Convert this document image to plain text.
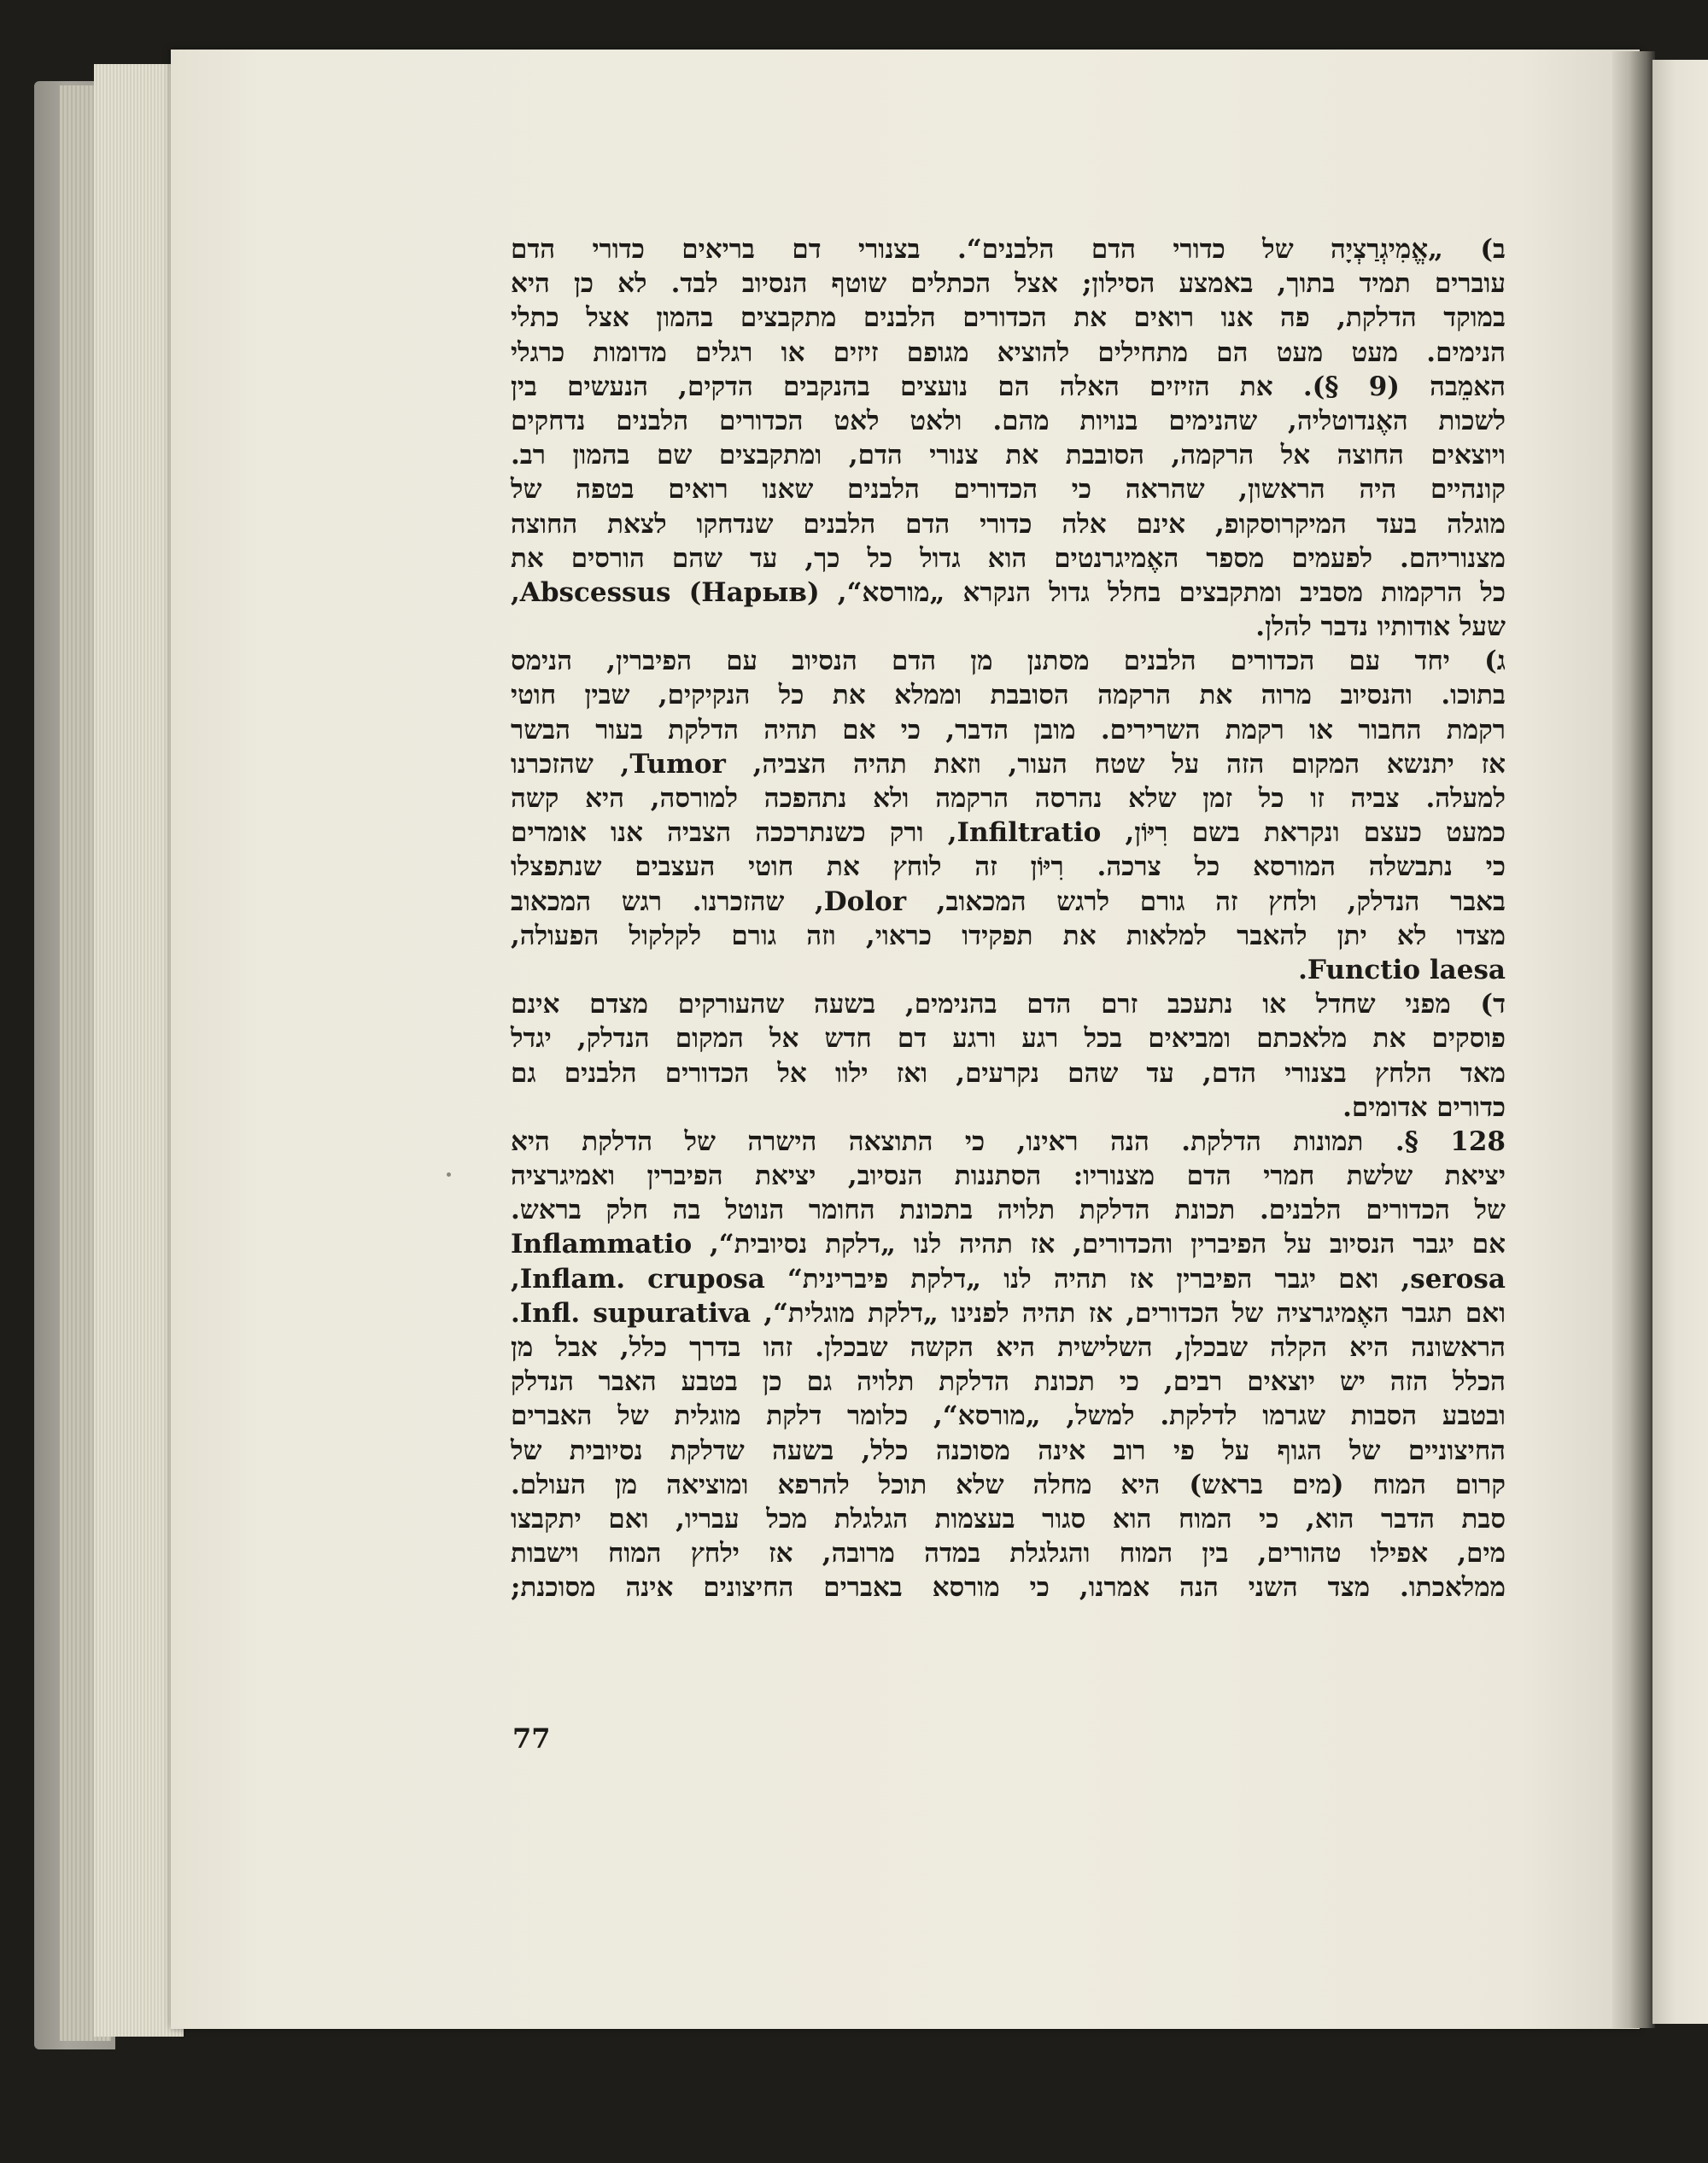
ב) „אֱמִיגְרַצְיָה של כדורי הדם הלבנים“. בצנורי דם בריאים כדורי הדם
עוברים תמיד בתוך, באמצע הסילון; אצל הכתלים שוטף הנסיוב לבד. לא כן היא
במוקד הדלקת, פה אנו רואים את הכדורים הלבנים מתקבצים בהמון אצל כתלי
הנימים. מעט מעט הם מתחילים להוציא מגופם זיזים או רגלים מדומות כרגלי
האמֵבה (9 §). את הזיזים האלה הם נועצים בהנקבים הדקים, הנעשים בין
לשכות האֶנדוטליה, שהנימים בנויות מהם. ולאט לאט הכדורים הלבנים נדחקים
ויוצאים החוצה אל הרקמה, הסובבת את צנורי הדם, ומתקבצים שם בהמון רב.
קונהיים היה הראשון, שהראה כי הכדורים הלבנים שאנו רואים בטפה של
מוגלה בעד המיקרוסקופ, אינם אלה כדורי הדם הלבנים שנדחקו לצאת החוצה
מצנוריהם. לפעמים מספר האֶמיגרנטים הוא גדול כל כך, עד שהם הורסים את
כל הרקמות מסביב ומתקבצים בחלל גדול הנקרא „מורסא“, Abscessus (Нарыв),
שעל אודותיו נדבר להלן.
ג) יחד עם הכדורים הלבנים מסתנן מן הדם הנסיוב עם הפיברין, הנימס
בתוכו. והנסיוב מרוה את הרקמה הסובבת וממלא את כל הנקיקים, שבין חוטי
רקמת החבור או רקמת השרירים. מובן הדבר, כי אם תהיה הדלקת בעור הבשר
אז יתנשא המקום הזה על שטח העור, וזאת תהיה הצביה, Tumor, שהזכרנו
למעלה. צביה זו כל זמן שלא נהרסה הרקמה ולא נתהפכה למורסה, היא קשה
כמעט כעצם ונקראת בשם רִיּוֹן, Infiltratio, ורק כשנתרככה הצביה אנו אומרים
כי נתבשלה המורסא כל צרכה. רִיּוֹן זה לוחץ את חוטי העצבים שנתפצלו
באבר הנדלק, ולחץ זה גורם לרגש המכאוב, Dolor, שהזכרנו. רגש המכאוב
מצדו לא יתן להאבר למלאות את תפקידו כראוי, וזה גורם לקלקול הפעולה,
Functio laesa.
ד) מפני שחדל או נתעכב זרם הדם בהנימים, בשעה שהעורקים מצדם אינם
פוסקים את מלאכתם ומביאים בכל רגע ורגע דם חדש אל המקום הנדלק, יגדל
מאד הלחץ בצנורי הדם, עד שהם נקרעים, ואז ילוו אל הכדורים הלבנים גם
כדורים אדומים.
128 §. תמונות הדלקת. הנה ראינו, כי התוצאה הישרה של הדלקת היא
יציאת שלשת חמרי הדם מצנוריו: הסתננות הנסיוב, יציאת הפיברין ואמיגרציה
של הכדורים הלבנים. תכונת הדלקת תלויה בתכונת החומר הנוטל בה חלק בראש.
אם יגבר הנסיוב על הפיברין והכדורים, אז תהיה לנו „דלקת נסיובית“, Inflammatio
serosa, ואם יגבר הפיברין אז תהיה לנו „דלקת פיברינית“ Inflam. cruposa,
ואם תגבר האֶמיגרציה של הכדורים, אז תהיה לפנינו „דלקת מוגלית“, Infl. supurativa.
הראשונה היא הקלה שבכלן, השלישית היא הקשה שבכלן. זהו בדרך כלל, אבל מן
הכלל הזה יש יוצאים רבים, כי תכונת הדלקת תלויה גם כן בטבע האבר הנדלק
ובטבע הסבות שגרמו לדלקת. למשל, „מורסא“, כלומר דלקת מוגלית של האברים
החיצוניים של הגוף על פי רוב אינה מסוכנה כלל, בשעה שדלקת נסיובית של
קרום המוח (מים בראש) היא מחלה שלא תוכל להרפא ומוציאה מן העולם.
סבת הדבר הוא, כי המוח הוא סגור בעצמות הגלגלת מכל עבריו, ואם יתקבצו
מים, אפילו טהורים, בין המוח והגלגלת במדה מרובה, אז ילחץ המוח וישבות
ממלאכתו. מצד השני הנה אמרנו, כי מורסא באברים החיצונים אינה מסוכנת;
77
